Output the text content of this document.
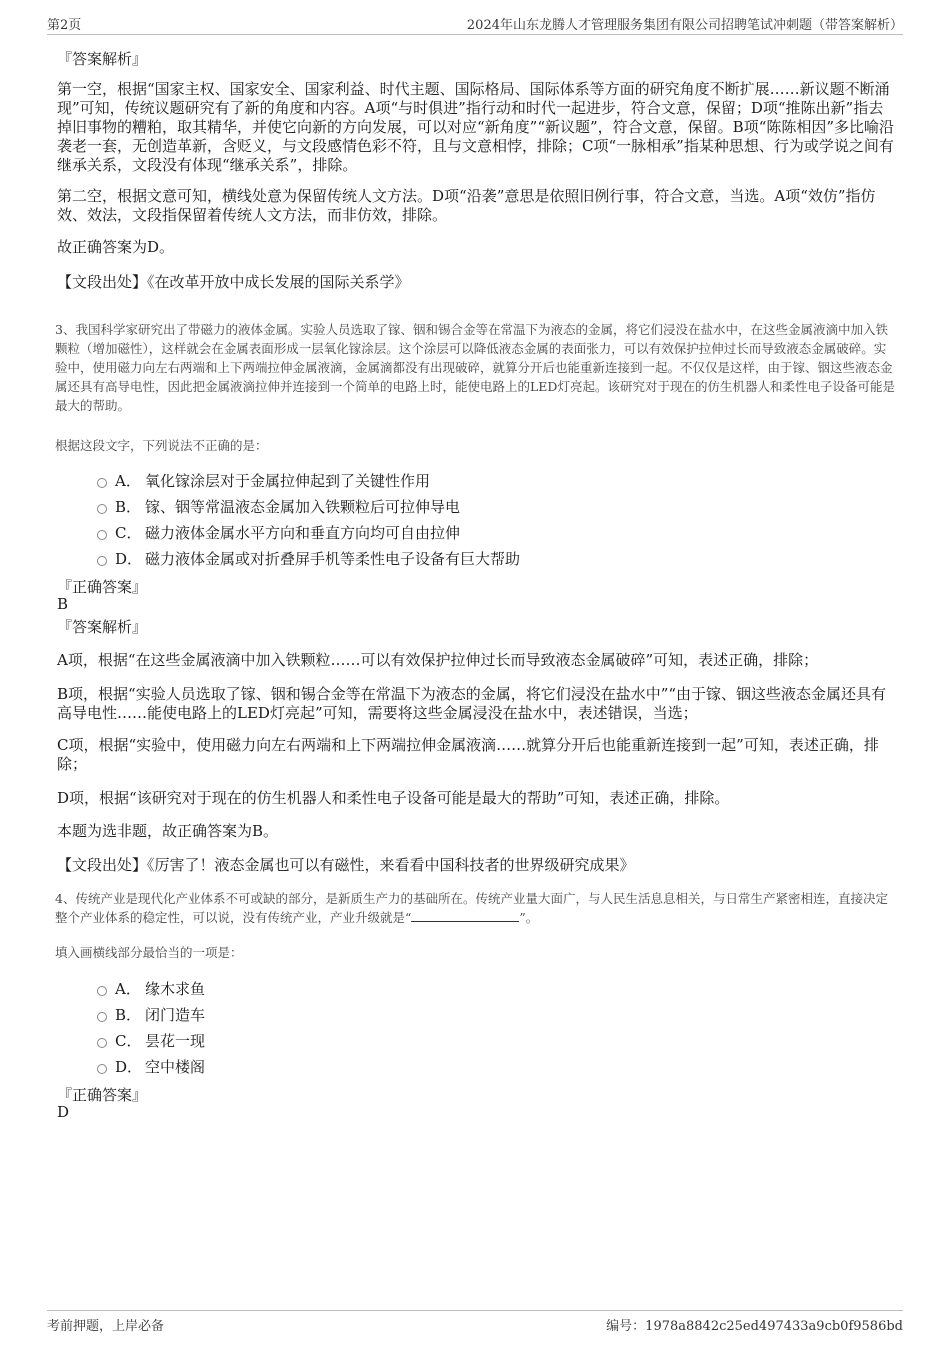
第2页	2024年山东龙腾人才管理服务集团有限公司招聘笔试冲刺题（带答案解析）
『答案解析』

第一空，根据“国家主权、国家安全、国家利益、时代主题、国际格局、国际体系等方面的研究角度不断扩展……新议题不断涌现”可知，传统议题研究有了新的角度和内容。A项“与时俱进”指行动和时代一起进步，符合文意，保留；D项“推陈出新”指去掉旧事物的糟粕，取其精华，并使它向新的方向发展，可以对应“新角度”“新议题”，符合文意，保留。B项“陈陈相因”多比喻沿袭老一套，无创造革新，含贬义，与文段感情色彩不符，且与文意相悖，排除；C项“一脉相承”指某种思想、行为或学说之间有继承关系，文段没有体现“继承关系”，排除。

第二空，根据文意可知，横线处意为保留传统人文方法。D项“沿袭”意思是依照旧例行事，符合文意，当选。A项“效仿”指仿效、效法，文段指保留着传统人文方法，而非仿效，排除。

故正确答案为D。

【文段出处】《在改革开放中成长发展的国际关系学》

3、我国科学家研究出了带磁力的液体金属。实验人员选取了镓、铟和锡合金等在常温下为液态的金属，将它们浸没在盐水中，在这些金属液滴中加入铁颗粒（增加磁性），这样就会在金属表面形成一层氧化镓涂层。这个涂层可以降低液态金属的表面张力，可以有效保护拉伸过长而导致液态金属破碎。实验中，使用磁力向左右两端和上下两端拉伸金属液滴，金属滴都没有出现破碎，就算分开后也能重新连接到一起。不仅仅是这样，由于镓、铟这些液态金属还具有高导电性，因此把金属液滴拉伸并连接到一个简单的电路上时，能使电路上的LED灯亮起。该研究对于现在的仿生机器人和柔性电子设备可能是最大的帮助。

根据这段文字，下列说法不正确的是：

A． 氧化镓涂层对于金属拉伸起到了关键性作用
B． 镓、铟等常温液态金属加入铁颗粒后可拉伸导电
C． 磁力液体金属水平方向和垂直方向均可自由拉伸
D． 磁力液体金属或对折叠屏手机等柔性电子设备有巨大帮助
『正确答案』
B
『答案解析』

A项，根据“在这些金属液滴中加入铁颗粒……可以有效保护拉伸过长而导致液态金属破碎”可知，表述正确，排除；

B项，根据“实验人员选取了镓、铟和锡合金等在常温下为液态的金属，将它们浸没在盐水中”“由于镓、铟这些液态金属还具有高导电性……能使电路上的LED灯亮起”可知，需要将这些金属浸没在盐水中，表述错误，当选；

C项，根据“实验中，使用磁力向左右两端和上下两端拉伸金属液滴……就算分开后也能重新连接到一起”可知，表述正确，排除；

D项，根据“该研究对于现在的仿生机器人和柔性电子设备可能是最大的帮助”可知，表述正确，排除。

本题为选非题，故正确答案为B。

【文段出处】《厉害了！液态金属也可以有磁性，来看看中国科技者的世界级研究成果》

4、传统产业是现代化产业体系不可或缺的部分，是新质生产力的基础所在。传统产业量大面广，与人民生活息息相关，与日常生产紧密相连，直接决定整个产业体系的稳定性，可以说，没有传统产业，产业升级就是“	”。

填入画横线部分最恰当的一项是：

A． 缘木求鱼
B． 闭门造车
C． 昙花一现
D． 空中楼阁
『正确答案』
D
考前押题，上岸必备	编号：1978a8842c25ed497433a9cb0f9586bd
